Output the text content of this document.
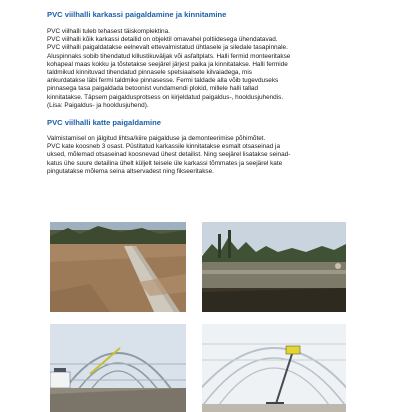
PVC viilhalli karkassi paigaldamine ja kinnitamine

PVC viilhalli tuleb tehasest täiskomplektina.

PVC viilhalli kõik karkassi detailid on objektil omavahel poltiidesega ühendatavad.
PVC viilhalli paigaldatakse eelnevalt ettevalmistatud ühtlasele ja siledale tasapinnale.
Aluspinnaks sobib tihendatud killustikuväljak või asfaltplats. Halli fermid monteeritakse
kohapeal maas kokku ja tõstetakse seejärel järjest paika ja kinnitatakse. Halli fermide
taldmikud kinnituvad tihendatud pinnasele spetsiaalsete kilvaiadega, mis
ankurdatakse läbi fermi taldmike pinnasesse. Fermi taldade alla võib tugevduseks
pinnasega tasa paigaldada betoonist vundamendi plokid, millele halli tallad
kinnitatakse. Täpsem paigaldusprotsess on kirjeldatud paigaldus-, hooldusjuhendis.
(Lisa: Paigaldus- ja hooldusjuhend).
PVC viilhalli katte paigaldamine
Valmistamisel on jälgitud lihtsa/kiire paigalduse ja demonteerimise põhimõtet.
PVC kate koosneb 3 osast. Püstitatud karkassile kinnitatakse esmalt otsaseinad ja
uksed, mõlemad otsaseinad koosnevad ühest detailist. Ning seejärel lisatakse seinad-
katus ühe suure detailina ühelt küljelt teisele üle karkassi tõmmates ja seejärel kate
pingutatakse mõlema seina altservadest ning fikseeritakse.
